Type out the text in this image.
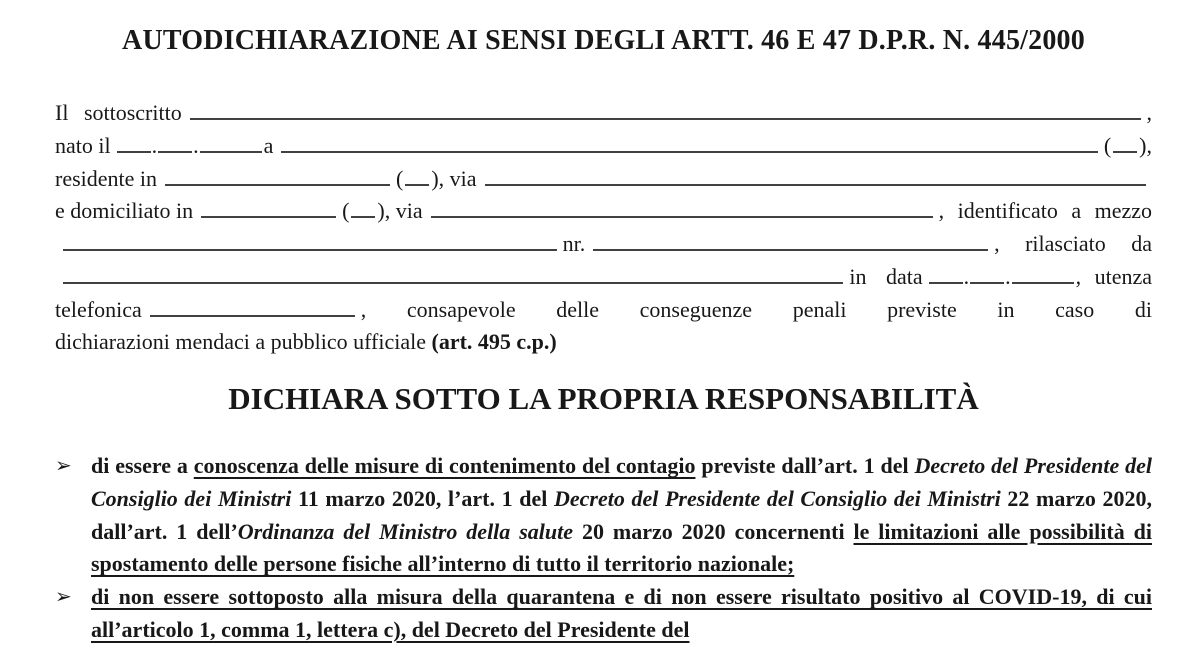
AUTODICHIARAZIONE AI SENSI DEGLI ARTT. 46 E 47 D.P.R. N. 445/2000
Il sottoscritto	,
nato il . .	a	( ),
residente in	( ), via
e domiciliato in	( ), via	, identificato a mezzo
nr.	, rilasciato da
in data . .	, utenza
telefonica	, consapevole delle conseguenze penali previste in caso di
dichiarazioni mendaci a pubblico ufficiale (art. 495 c.p.)
DICHIARA SOTTO LA PROPRIA RESPONSABILITÀ
➢ di essere a conoscenza delle misure di contenimento del contagio previste dall’art. 1 del Decreto del Presidente del Consiglio dei Ministri 11 marzo 2020, l’art. 1 del Decreto del Presidente del Consiglio dei Ministri 22 marzo 2020, dall’art. 1 dell’Ordinanza del Ministro della salute 20 marzo 2020 concernenti le limitazioni alle possibilità di spostamento delle persone fisiche all’interno di tutto il territorio nazionale;
➢ di non essere sottoposto alla misura della quarantena e di non essere risultato positivo al COVID-19, di cui all’articolo 1, comma 1, lettera c), del Decreto del Presidente del
